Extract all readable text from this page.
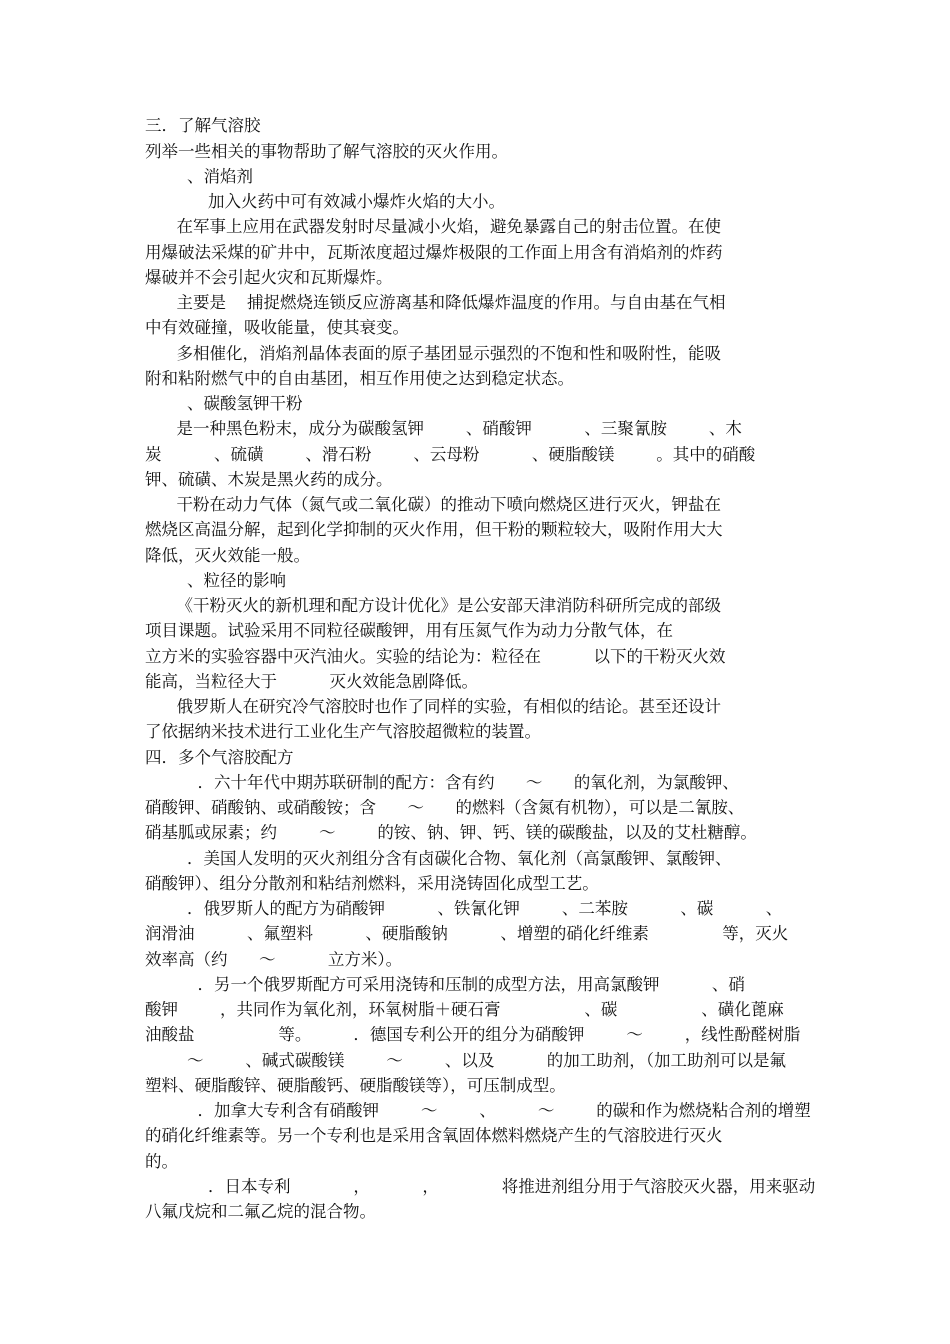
三．了解气溶胶

列举一些相关的事物帮助了解气溶胶的灭火作用。

、消焰剂

加入火药中可有效减小爆炸火焰的大小。

在军事上应用在武器发射时尽量减小火焰，避免暴露自己的射击位置。在使

用爆破法采煤的矿井中，瓦斯浓度超过爆炸极限的工作面上用含有消焰剂的炸药

爆破并不会引起火灾和瓦斯爆炸。

主要是    捕捉燃烧连锁反应游离基和降低爆炸温度的作用。与自由基在气相

中有效碰撞，吸收能量，使其衰变。

多相催化，消焰剂晶体表面的原子基团显示强烈的不饱和性和吸附性，能吸

附和粘附燃气中的自由基团，相互作用使之达到稳定状态。

、碳酸氢钾干粉

是一种黑色粉末，成分为碳酸氢钾        、硝酸钾          、三聚氰胺        、木

炭          、硫磺        、滑石粉        、云母粉          、硬脂酸镁        。其中的硝酸

钾、硫磺、木炭是黑火药的成分。

干粉在动力气体（氮气或二氧化碳）的推动下喷向燃烧区进行灭火，钾盐在

燃烧区高温分解，起到化学抑制的灭火作用，但干粉的颗粒较大，吸附作用大大

降低，灭火效能一般。

、粒径的影响

《干粉灭火的新机理和配方设计优化》是公安部天津消防科研所完成的部级

项目课题。试验采用不同粒径碳酸钾，用有压氮气作为动力分散气体，在

立方米的实验容器中灭汽油火。实验的结论为：粒径在          以下的干粉灭火效

能高，当粒径大于          灭火效能急剧降低。

俄罗斯人在研究冷气溶胶时也作了同样的实验，有相似的结论。甚至还设计

了依据纳米技术进行工业化生产气溶胶超微粒的装置。

四．多个气溶胶配方

．六十年代中期苏联研制的配方：含有约      ～      的氧化剂，为氯酸钾、

硝酸钾、硝酸钠、或硝酸铵；含      ～      的燃料（含氮有机物），可以是二氰胺、

硝基胍或尿素；约        ～        的铵、钠、钾、钙、镁的碳酸盐，以及的艾杜糖醇。

．美国人发明的灭火剂组分含有卤碳化合物、氧化剂（高氯酸钾、氯酸钾、

硝酸钾）、组分分散剂和粘结剂燃料，采用浇铸固化成型工艺。

．俄罗斯人的配方为硝酸钾          、铁氰化钾        、二苯胺          、碳          、

润滑油          、氟塑料          、硬脂酸钠          、增塑的硝化纤维素              等，灭火

效率高（约      ～          立方米）。

．另一个俄罗斯配方可采用浇铸和压制的成型方法，用高氯酸钾          、硝

酸钾        ，共同作为氧化剂，环氧树脂＋硬石膏                、碳                、磺化蓖麻

油酸盐                等。        ．德国专利公开的组分为硝酸钾        ～        ，线性酚醛树脂

～        、碱式碳酸镁        ～        、以及          的加工助剂，（加工助剂可以是氟

塑料、硬脂酸锌、硬脂酸钙、硬脂酸镁等），可压制成型。

．加拿大专利含有硝酸钾        ～        、        ～        的碳和作为燃烧粘合剂的增塑

的硝化纤维素等。另一个专利也是采用含氧固体燃料燃烧产生的气溶胶进行灭火

的。

．日本专利            ，          ，            将推进剂组分用于气溶胶灭火器，用来驱动

八氟戊烷和二氟乙烷的混合物。
